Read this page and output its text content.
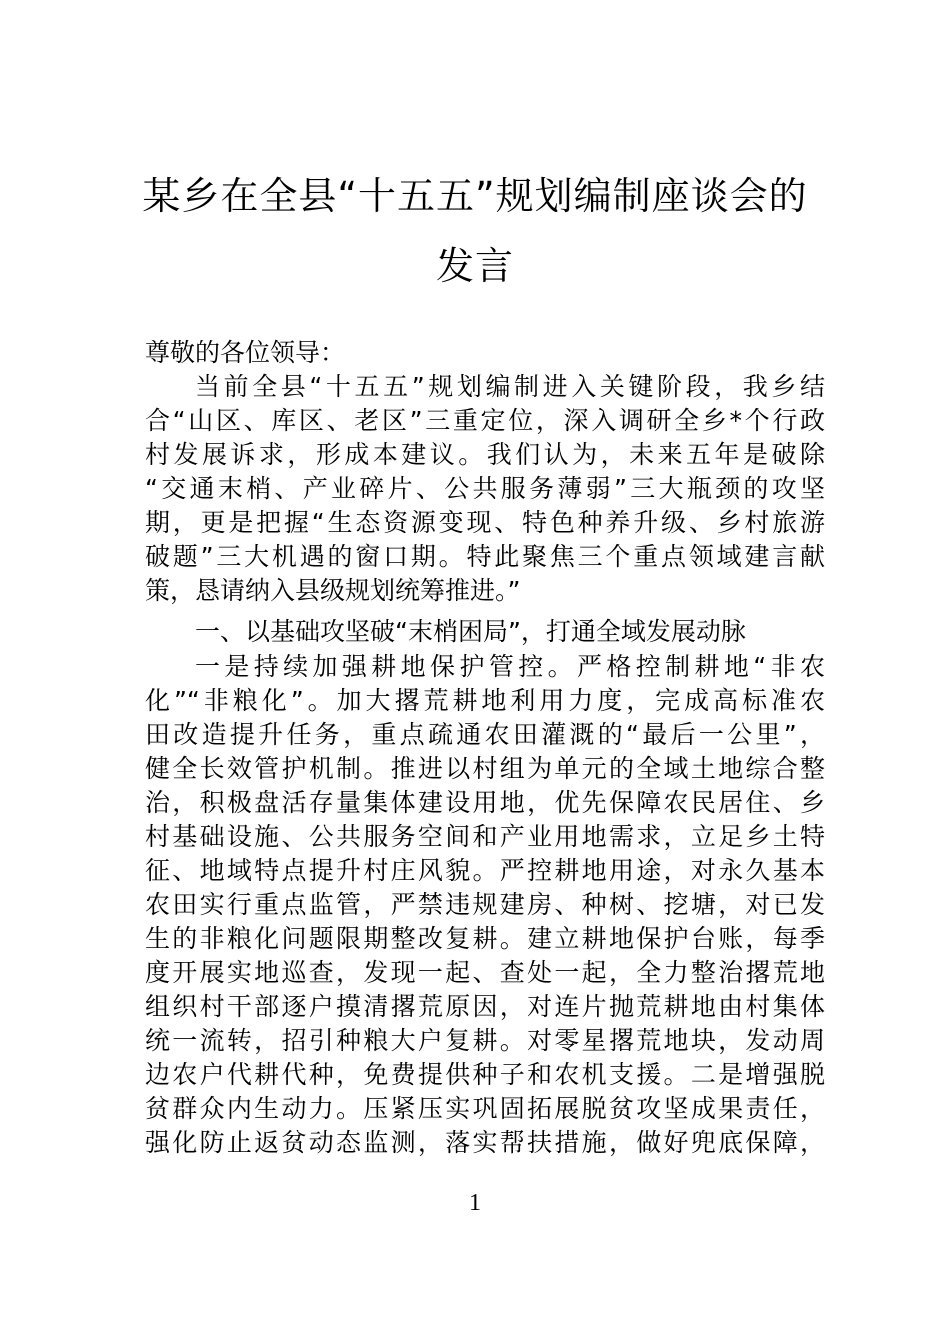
某乡在全县“十五五”规划编制座谈会的
发言
尊敬的各位领导：
当前全县“十五五”规划编制进入关键阶段，我乡结
合“山区、库区、老区”三重定位，深入调研全乡*个行政
村发展诉求，形成本建议。我们认为，未来五年是破除
“交通末梢、产业碎片、公共服务薄弱”三大瓶颈的攻坚
期，更是把握“生态资源变现、特色种养升级、乡村旅游
破题”三大机遇的窗口期。特此聚焦三个重点领域建言献
策，恳请纳入县级规划统筹推进。”
一、以基础攻坚破“末梢困局”，打通全域发展动脉
一是持续加强耕地保护管控。严格控制耕地“非农
化”“非粮化”。加大撂荒耕地利用力度，完成高标准农
田改造提升任务，重点疏通农田灌溉的“最后一公里”，
健全长效管护机制。推进以村组为单元的全域土地综合整
治，积极盘活存量集体建设用地，优先保障农民居住、乡
村基础设施、公共服务空间和产业用地需求，立足乡土特
征、地域特点提升村庄风貌。严控耕地用途，对永久基本
农田实行重点监管，严禁违规建房、种树、挖塘，对已发
生的非粮化问题限期整改复耕。建立耕地保护台账，每季
度开展实地巡查，发现一起、查处一起，全力整治撂荒地
组织村干部逐户摸清撂荒原因，对连片抛荒耕地由村集体
统一流转，招引种粮大户复耕。对零星撂荒地块，发动周
边农户代耕代种，免费提供种子和农机支援。二是增强脱
贫群众内生动力。压紧压实巩固拓展脱贫攻坚成果责任，
强化防止返贫动态监测，落实帮扶措施，做好兜底保障，
1
